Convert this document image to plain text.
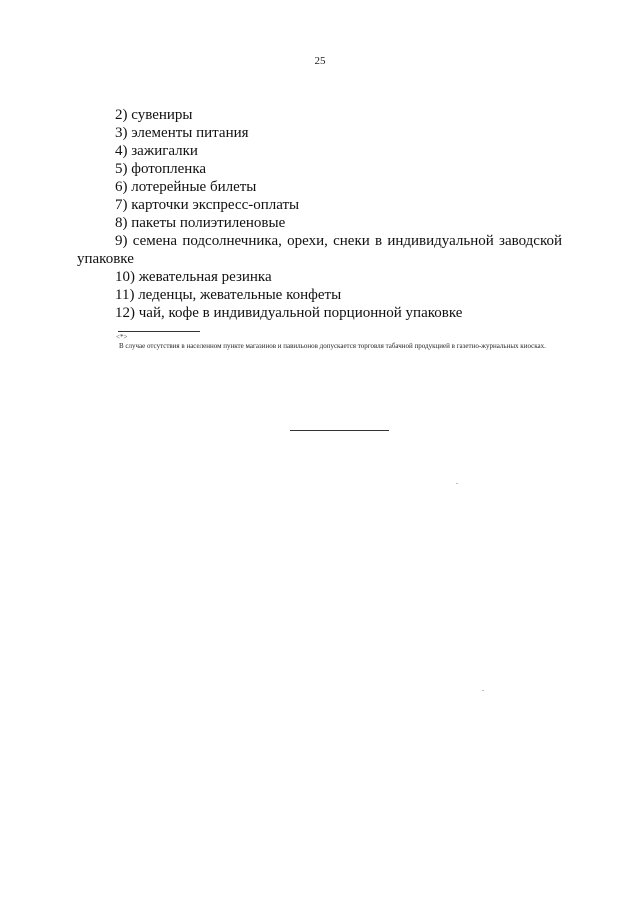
25
2) сувениры
3) элементы питания
4) зажигалки
5) фотопленка
6) лотерейные билеты
7) карточки экспресс-оплаты
8) пакеты полиэтиленовые
9) семена подсолнечника, орехи, снеки в индивидуальной заводской
упаковке
10) жевательная резинка
11) леденцы, жевательные конфеты
12) чай, кофе в индивидуальной порционной упаковке
<*>
В случае отсутствия в населенном пункте магазинов и павильонов допускается торговля табачной продукцией в газетно-журнальных киосках.
